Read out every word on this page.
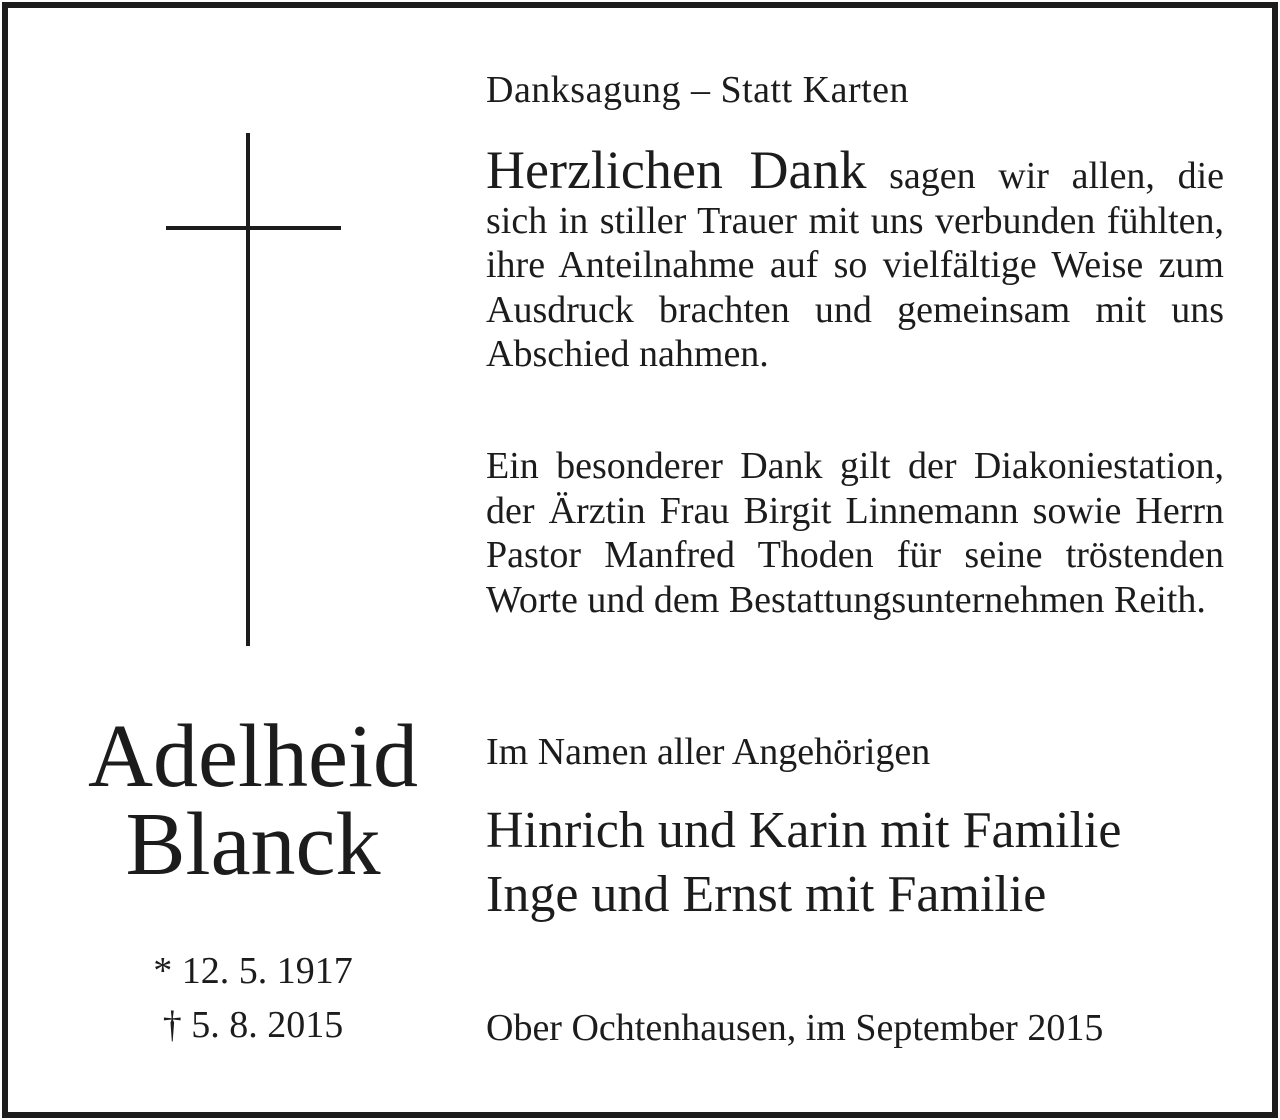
Danksagung – Statt Karten

Herzlichen Dank sagen wir allen, die sich in stiller Trauer mit uns verbunden fühlten, ihre Anteilnahme auf so vielfältige Weise zum Ausdruck brachten und gemeinsam mit uns Abschied nahmen.

Ein besonderer Dank gilt der Diakoniestation, der Ärztin Frau Birgit Linnemann sowie Herrn Pastor Manfred Thoden für seine tröstenden Worte und dem Bestattungsunternehmen Reith.

Adelheid
Blanck
* 12. 5. 1917
† 5. 8. 2015
Im Namen aller Angehörigen
Hinrich und Karin mit Familie
Inge und Ernst mit Familie
Ober Ochtenhausen, im September 2015
